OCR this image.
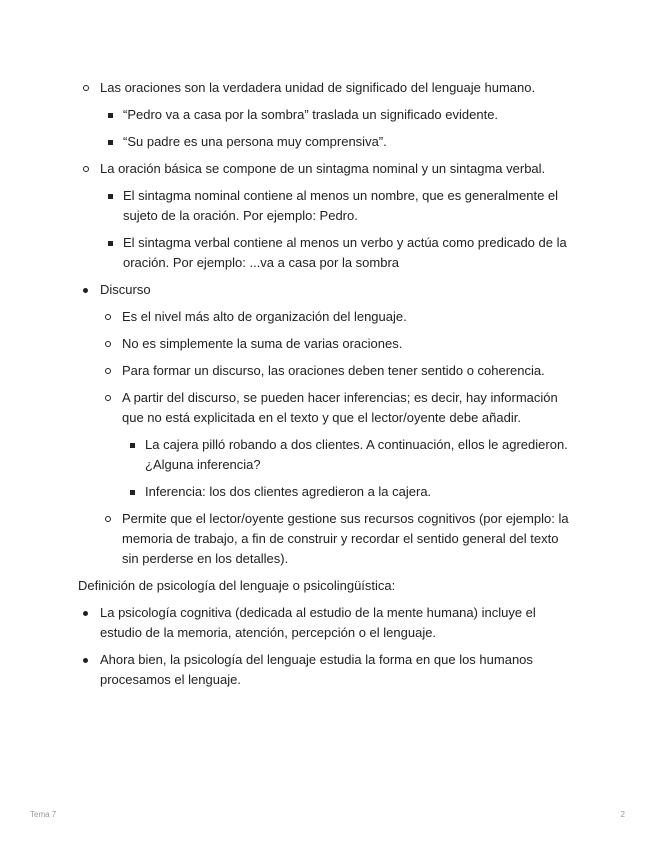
Las oraciones son la verdadera unidad de significado del lenguaje humano.
“Pedro va a casa por la sombra” traslada un significado evidente.
“Su padre es una persona muy comprensiva”.
La oración básica se compone de un sintagma nominal y un sintagma verbal.
El sintagma nominal contiene al menos un nombre, que es generalmente el sujeto de la oración. Por ejemplo: Pedro.
El sintagma verbal contiene al menos un verbo y actúa como predicado de la oración. Por ejemplo: ...va a casa por la sombra
Discurso
Es el nivel más alto de organización del lenguaje.
No es simplemente la suma de varias oraciones.
Para formar un discurso, las oraciones deben tener sentido o coherencia.
A partir del discurso, se pueden hacer inferencias; es decir, hay información que no está explicitada en el texto y que el lector/oyente debe añadir.
La cajera pilló robando a dos clientes. A continuación, ellos le agredieron. ¿Alguna inferencia?
Inferencia: los dos clientes agredieron a la cajera.
Permite que el lector/oyente gestione sus recursos cognitivos (por ejemplo: la memoria de trabajo, a fin de construir y recordar el sentido general del texto sin perderse en los detalles).

Definición de psicología del lenguaje o psicolingüística:

La psicología cognitiva (dedicada al estudio de la mente humana) incluye el estudio de la memoria, atención, percepción o el lenguaje.
Ahora bien, la psicología del lenguaje estudia la forma en que los humanos procesamos el lenguaje.
Tema 7	2
